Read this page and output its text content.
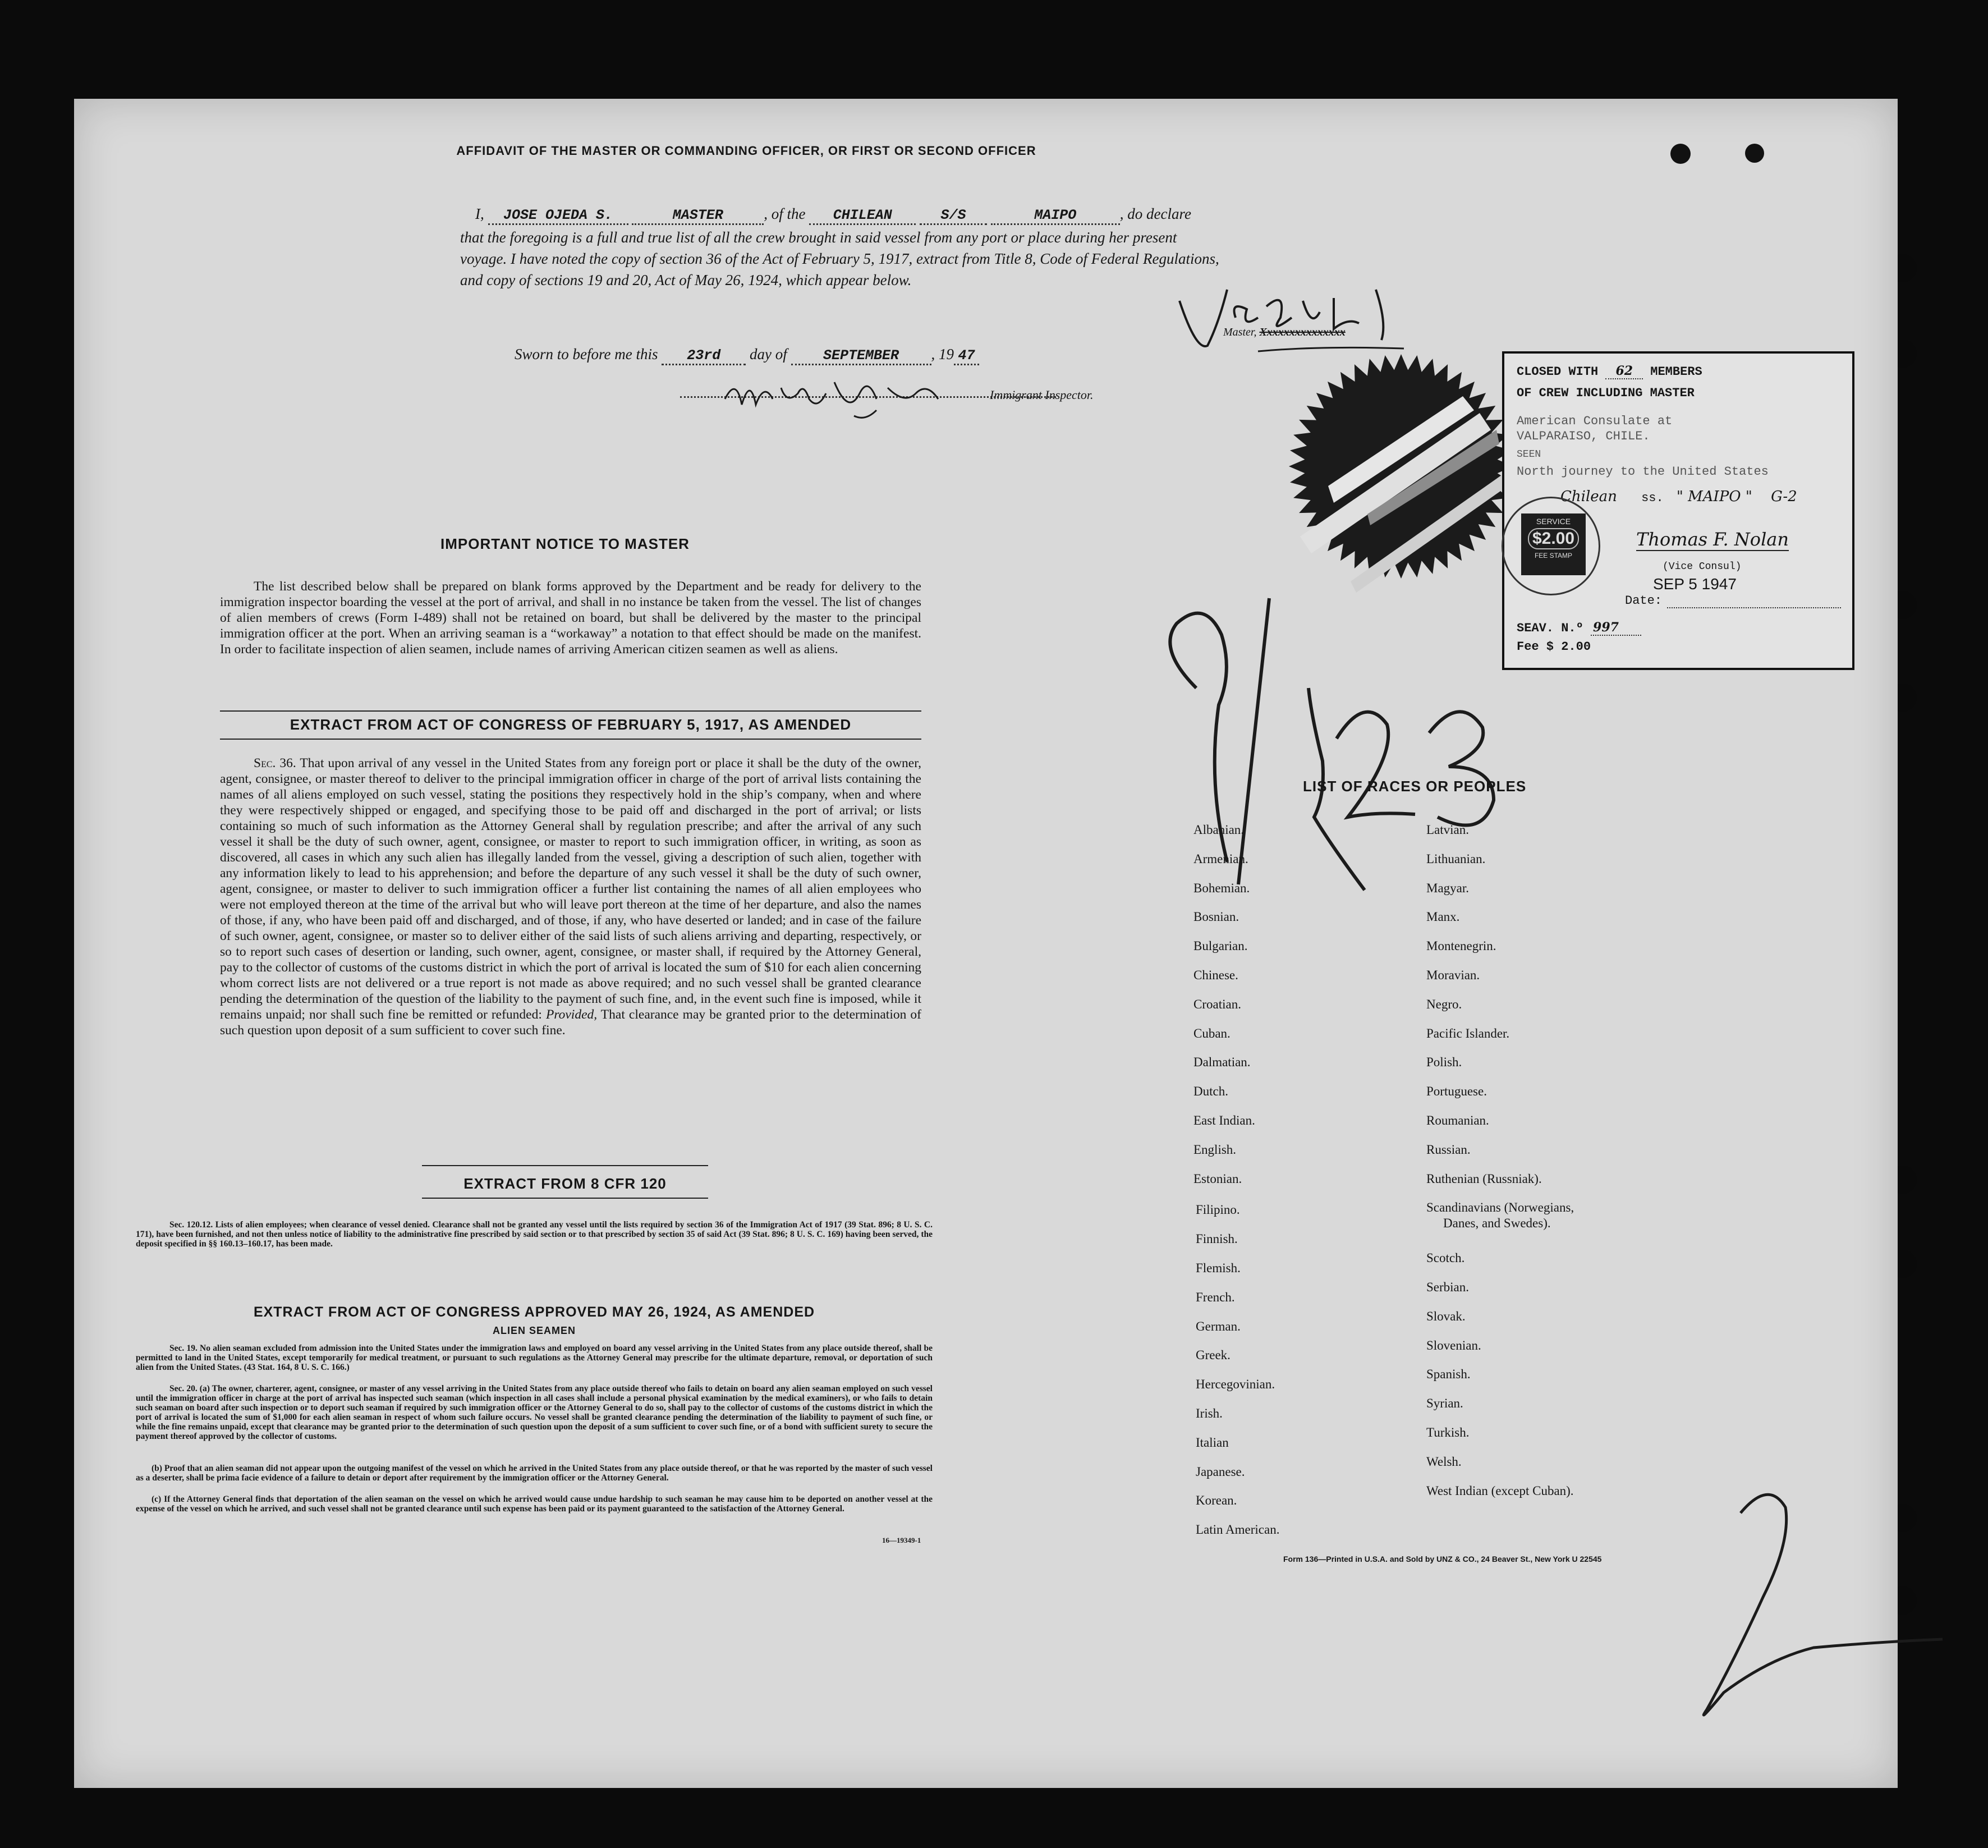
AFFIDAVIT OF THE MASTER OR COMMANDING OFFICER, OR FIRST OR SECOND OFFICER
I, JOSE OJEDA S.	MASTER	, of the CHILEAN	S/S	MAIPO	, do declare
that the foregoing is a full and true list of all the crew brought in said vessel from any port or place during her present
voyage. I have noted the copy of section 36 of the Act of February 5, 1917, extract from Title 8, Code of Federal Regulations,
and copy of sections 19 and 20, Act of May 26, 1924, which appear below.
Master, Xxxxxxxxxxxxxxx
Sworn to before me this 23rd day of	SEPTEMBER , 19 47
Immigrant Inspector.
CLOSED WITH 62 MEMBERS
OF CREW INCLUDING MASTER
American Consulate at
VALPARAISO, CHILE.
SEEN
North journey to the United States
Chilean ss. " MAIPO " G-2
SERVICE
$2.00
FEE STAMP
Thomas F. Nolan
(Vice Consul)
SEP 5 1947
Date:
SEAV. N.º 997
Fee $ 2.00
IMPORTANT NOTICE TO MASTER
The list described below shall be prepared on blank forms approved by the Department and be ready for delivery to the immigration inspector boarding the vessel at the port of arrival, and shall in no instance be taken from the vessel. The list of changes of alien members of crews (Form I-489) shall not be retained on board, but shall be delivered by the master to the principal immigration officer at the port. When an arriving seaman is a “workaway” a notation to that effect should be made on the manifest. In order to facilitate inspection of alien seamen, include names of arriving American citizen seamen as well as aliens.
EXTRACT FROM ACT OF CONGRESS OF FEBRUARY 5, 1917, AS AMENDED
Sec. 36. That upon arrival of any vessel in the United States from any foreign port or place it shall be the duty of the owner, agent, consignee, or master thereof to deliver to the principal immigration officer in charge of the port of arrival lists containing the names of all aliens employed on such vessel, stating the positions they respectively hold in the ship’s company, when and where they were respectively shipped or engaged, and specifying those to be paid off and discharged in the port of arrival; or lists containing so much of such information as the Attorney General shall by regulation prescribe; and after the arrival of any such vessel it shall be the duty of such owner, agent, consignee, or master to report to such immigration officer, in writing, as soon as discovered, all cases in which any such alien has illegally landed from the vessel, giving a description of such alien, together with any information likely to lead to his apprehension; and before the departure of any such vessel it shall be the duty of such owner, agent, consignee, or master to deliver to such immigration officer a further list containing the names of all alien employees who were not employed thereon at the time of the arrival but who will leave port thereon at the time of her departure, and also the names of those, if any, who have been paid off and discharged, and of those, if any, who have deserted or landed; and in case of the failure of such owner, agent, consignee, or master so to deliver either of the said lists of such aliens arriving and departing, respectively, or so to report such cases of desertion or landing, such owner, agent, consignee, or master shall, if required by the Attorney General, pay to the collector of customs of the customs district in which the port of arrival is located the sum of $10 for each alien concerning whom correct lists are not delivered or a true report is not made as above required; and no such vessel shall be granted clearance pending the determination of the question of the liability to the payment of such fine, and, in the event such fine is imposed, while it remains unpaid; nor shall such fine be remitted or refunded: Provided, That clearance may be granted prior to the determination of such question upon deposit of a sum sufficient to cover such fine.
EXTRACT FROM 8 CFR 120
Sec. 120.12. Lists of alien employees; when clearance of vessel denied. Clearance shall not be granted any vessel until the lists required by section 36 of the Immigration Act of 1917 (39 Stat. 896; 8 U. S. C. 171), have been furnished, and not then unless notice of liability to the administrative fine prescribed by said section or to that prescribed by section 35 of said Act (39 Stat. 896; 8 U. S. C. 169) having been served, the deposit specified in §§ 160.13–160.17, has been made.
EXTRACT FROM ACT OF CONGRESS APPROVED MAY 26, 1924, AS AMENDED
ALIEN SEAMEN
Sec. 19. No alien seaman excluded from admission into the United States under the immigration laws and employed on board any vessel arriving in the United States from any place outside thereof, shall be permitted to land in the United States, except temporarily for medical treatment, or pursuant to such regulations as the Attorney General may prescribe for the ultimate departure, removal, or deportation of such alien from the United States. (43 Stat. 164, 8 U. S. C. 166.)
Sec. 20. (a) The owner, charterer, agent, consignee, or master of any vessel arriving in the United States from any place outside thereof who fails to detain on board any alien seaman employed on such vessel until the immigration officer in charge at the port of arrival has inspected such seaman (which inspection in all cases shall include a personal physical examination by the medical examiners), or who fails to detain such seaman on board after such inspection or to deport such seaman if required by such immigration officer or the Attorney General to do so, shall pay to the collector of customs of the customs district in which the port of arrival is located the sum of $1,000 for each alien seaman in respect of whom such failure occurs. No vessel shall be granted clearance pending the determination of the liability to payment of such fine, or while the fine remains unpaid, except that clearance may be granted prior to the determination of such question upon the deposit of a sum sufficient to cover such fine, or of a bond with sufficient surety to secure the payment thereof approved by the collector of customs.
(b) Proof that an alien seaman did not appear upon the outgoing manifest of the vessel on which he arrived in the United States from any place outside thereof, or that he was reported by the master of such vessel as a deserter, shall be prima facie evidence of a failure to detain or deport after requirement by the immigration officer or the Attorney General.
(c) If the Attorney General finds that deportation of the alien seaman on the vessel on which he arrived would cause undue hardship to such seaman he may cause him to be deported on another vessel at the expense of the vessel on which he arrived, and such vessel shall not be granted clearance until such expense has been paid or its payment guaranteed to the satisfaction of the Attorney General.
16—19349-1
LIST OF RACES OR PEOPLES
Form 136—Printed in U.S.A. and Sold by UNZ & CO., 24 Beaver St., New York U 22545
Albanian.
Armenian.
Bohemian.
Bosnian.
Bulgarian.
Chinese.
Croatian.
Cuban.
Dalmatian.
Dutch.
East Indian.
English.
Estonian.
Filipino.
Finnish.
Flemish.
French.
German.
Greek.
Hercegovinian.
Irish.
Italian
Japanese.
Korean.
Latin American.
Latvian.
Lithuanian.
Magyar.
Manx.
Montenegrin.
Moravian.
Negro.
Pacific Islander.
Polish.
Portuguese.
Roumanian.
Russian.
Ruthenian (Russniak).
Scandinavians (Norwegians,
Danes, and Swedes).
Scotch.
Serbian.
Slovak.
Slovenian.
Spanish.
Syrian.
Turkish.
Welsh.
West Indian (except Cuban).
